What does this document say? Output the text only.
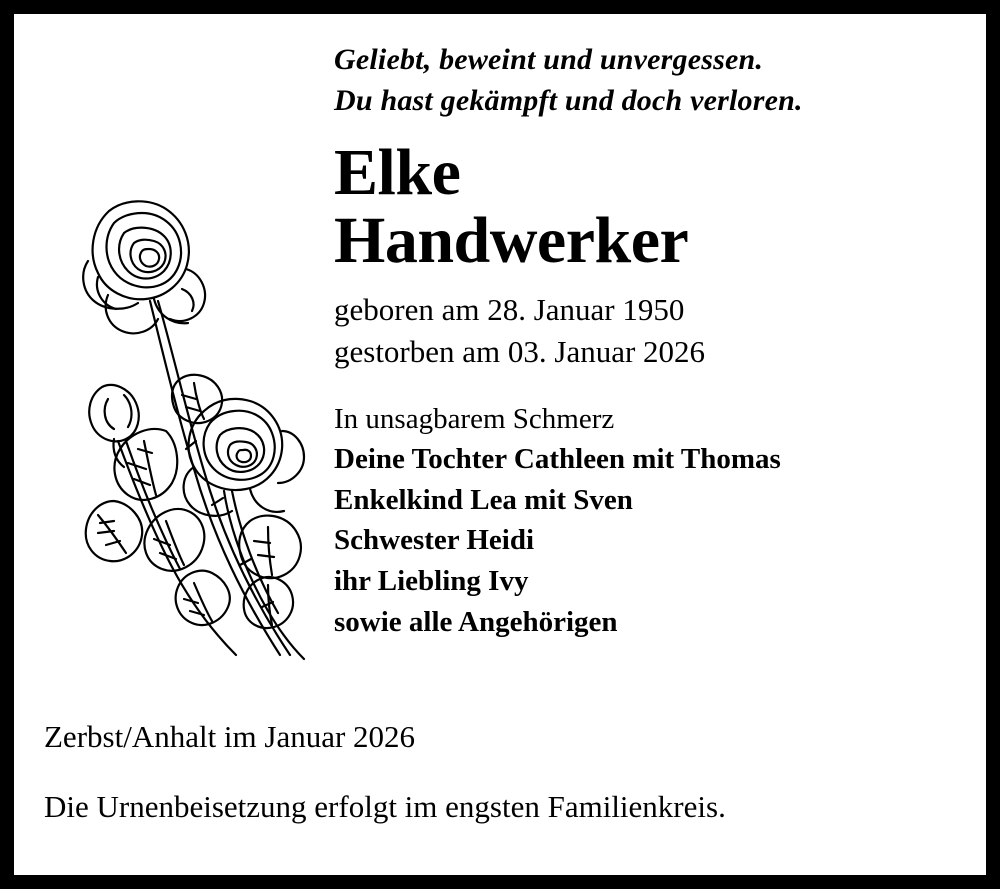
Geliebt, beweint und unvergessen.
Du hast gekämpft und doch verloren.
Elke
Handwerker
geboren am 28. Januar 1950
gestorben am 03. Januar 2026
In unsagbarem Schmerz
Deine Tochter Cathleen mit Thomas
Enkelkind Lea mit Sven
Schwester Heidi
ihr Liebling Ivy
sowie alle Angehörigen
Zerbst/Anhalt im Januar 2026
Die Urnenbeisetzung erfolgt im engsten Familienkreis.
